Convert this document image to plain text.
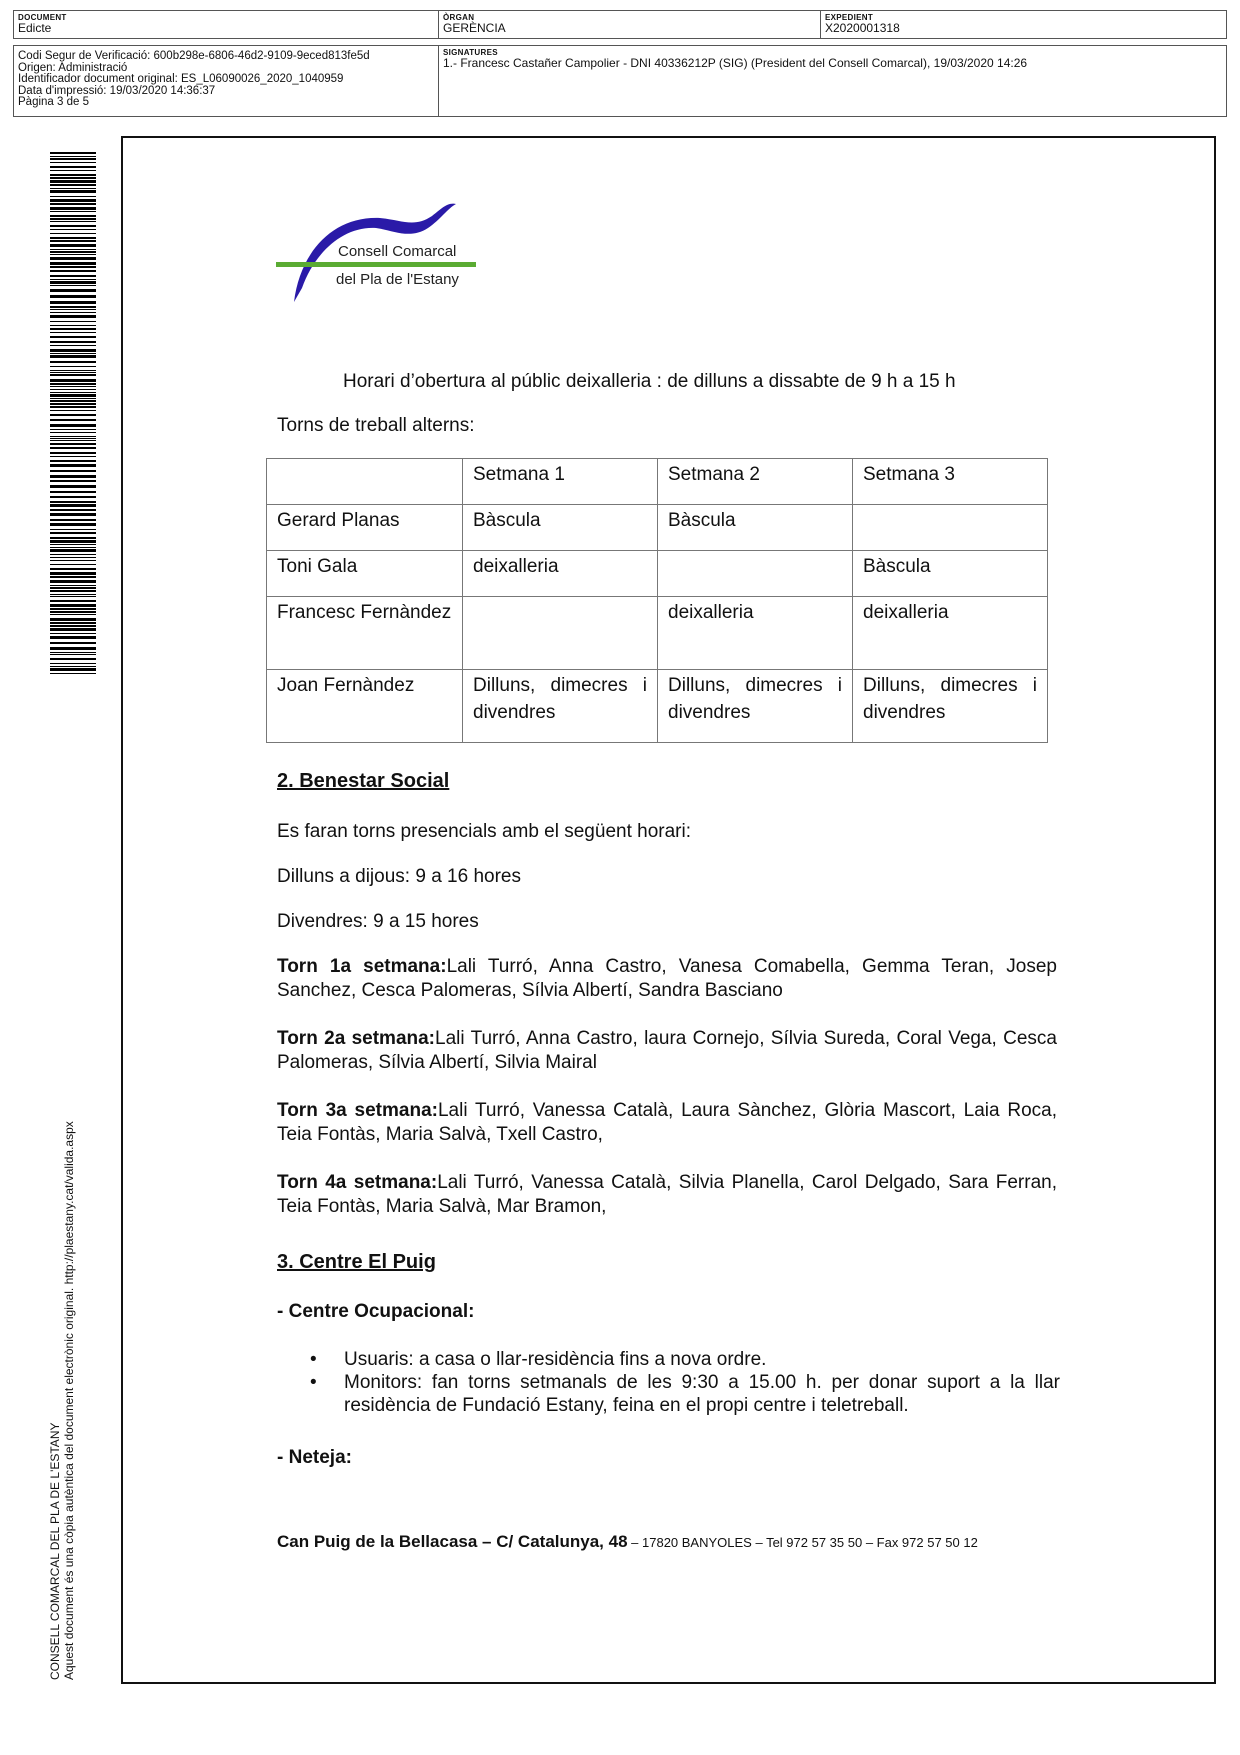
DOCUMENT
Edicte
ÒRGAN
GERÈNCIA
EXPEDIENT
X2020001318
Codi Segur de Verificació: 600b298e-6806-46d2-9109-9eced813fe5d
Origen: Administració
Identificador document original: ES_L06090026_2020_1040959
Data d'impressió: 19/03/2020 14:36:37
Pàgina 3 de 5
SIGNATURES
1.- Francesc Castañer Campolier - DNI 40336212P (SIG) (President del Consell Comarcal), 19/03/2020 14:26
CONSELL COMARCAL DEL PLA DE L'ESTANY Aquest document és una còpia autèntica del document electrònic original. http://plaestany.cat/valida.aspx
Consell Comarcal
del Pla de l'Estany
Horari d’obertura al públic deixalleria : de dilluns a dissabte de 9 h a 15 h
Torns de treball alterns:
	Setmana 1	Setmana 2	Setmana 3
Gerard Planas	Bàscula	Bàscula	
Toni Gala	deixalleria		Bàscula
Francesc Fernàndez		deixalleria	deixalleria
Joan Fernàndez	Dilluns, dimecres i divendres	Dilluns, dimecres i divendres	Dilluns, dimecres i divendres
2. Benestar Social
Es faran torns presencials amb el següent horari:
Dilluns a dijous: 9 a 16 hores
Divendres: 9 a 15 hores
Torn 1a setmana:Lali Turró, Anna Castro, Vanesa Comabella, Gemma Teran, Josep Sanchez, Cesca Palomeras, Sílvia Albertí, Sandra Basciano
Torn 2a setmana:Lali Turró, Anna Castro, laura Cornejo, Sílvia Sureda, Coral Vega, Cesca Palomeras, Sílvia Albertí, Silvia Mairal
Torn 3a setmana:Lali Turró, Vanessa Català, Laura Sànchez, Glòria Mascort, Laia Roca, Teia Fontàs, Maria Salvà, Txell Castro,
Torn 4a setmana:Lali Turró, Vanessa Català, Silvia Planella, Carol Delgado, Sara Ferran, Teia Fontàs, Maria Salvà, Mar Bramon,
3. Centre El Puig
- Centre Ocupacional:
• Usuaris: a casa o llar-residència fins a nova ordre.
• Monitors: fan torns setmanals de les 9:30 a 15.00 h. per donar suport a la llar residència de Fundació Estany, feina en el propi centre i teletreball.
- Neteja:
Can Puig de la Bellacasa – C/ Catalunya, 48 – 17820 BANYOLES – Tel 972 57 35 50 – Fax 972 57 50 12
